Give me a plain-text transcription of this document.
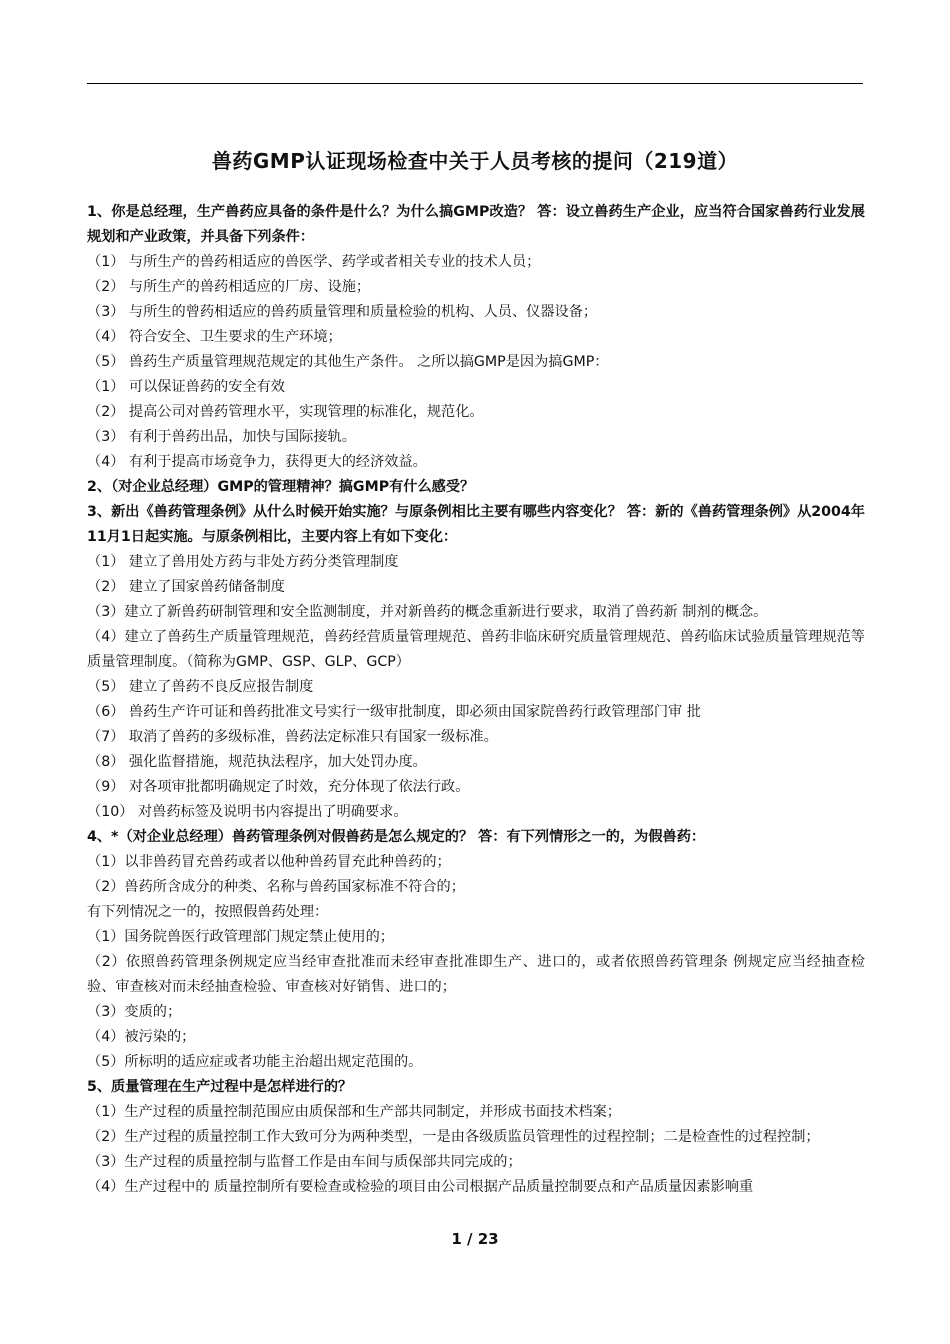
兽药GMP认证现场检查中关于人员考核的提问（219道）
1、你是总经理，生产兽药应具备的条件是什么？为什么搞GMP改造？ 答：设立兽药生产企业，应当符合国家兽药行业发展规划和产业政策，并具备下列条件：
（1） 与所生产的兽药相适应的兽医学、药学或者相关专业的技术人员；
（2） 与所生产的兽药相适应的厂房、设施；
（3） 与所生的曾药相适应的兽药质量管理和质量检验的机构、人员、仪器设备；
（4） 符合安全、卫生要求的生产环境；
（5） 兽药生产质量管理规范规定的其他生产条件。 之所以搞GMP是因为搞GMP：
（1） 可以保证兽药的安全有效
（2） 提高公司对兽药管理水平，实现管理的标准化，规范化。
（3） 有利于兽药出品，加快与国际接轨。
（4） 有利于提高市场竟争力，获得更大的经济效益。
2、（对企业总经理）GMP的管理精神？搞GMP有什么感受？
3、新出《兽药管理条例》从什么时候开始实施？与原条例相比主要有哪些内容变化？ 答：新的《兽药管理条例》从2004年11月1日起实施。与原条例相比，主要内容上有如下变化：
（1） 建立了兽用处方药与非处方药分类管理制度
（2） 建立了国家兽药储备制度
（3）建立了新兽药研制管理和安全监测制度，并对新兽药的概念重新进行要求，取消了兽药新 制剂的概念。
（4）建立了兽药生产质量管理规范，兽药经营质量管理规范、兽药非临床研究质量管理规范、兽药临床试验质量管理规范等质量管理制度。（简称为GMP、GSP、GLP、GCP）
（5） 建立了兽药不良反应报告制度
（6） 兽药生产许可证和兽药批准文号实行一级审批制度，即必须由国家院兽药行政管理部门审 批
（7） 取消了兽药的多级标准，兽药法定标准只有国家一级标准。
（8） 强化监督措施，规范执法程序，加大处罚办度。
（9） 对各项审批都明确规定了时效，充分体现了依法行政。
（10） 对兽药标签及说明书内容提出了明确要求。
4、*（对企业总经理）兽药管理条例对假兽药是怎么规定的？ 答：有下列情形之一的，为假兽药：
（1）以非兽药冒充兽药或者以他种兽药冒充此种兽药的；
（2）兽药所含成分的种类、名称与兽药国家标准不符合的；
有下列情况之一的，按照假兽药处理：
（1）国务院兽医行政管理部门规定禁止使用的；
（2）依照兽药管理条例规定应当经审查批准而未经审查批准即生产、进口的，或者依照兽药管理条 例规定应当经抽查检验、审查核对而未经抽查检验、审查核对好销售、进口的；
（3）变质的；
（4）被污染的；
（5）所标明的适应症或者功能主治超出规定范围的。
5、质量管理在生产过程中是怎样进行的？
（1）生产过程的质量控制范围应由质保部和生产部共同制定，并形成书面技术档案；
（2）生产过程的质量控制工作大致可分为两种类型，一是由各级质监员管理性的过程控制；二是检查性的过程控制；
（3）生产过程的质量控制与监督工作是由车间与质保部共同完成的；
（4）生产过程中的 质量控制所有要检查或检验的项目由公司根据产品质量控制要点和产品质量因素影响重
1 / 23
